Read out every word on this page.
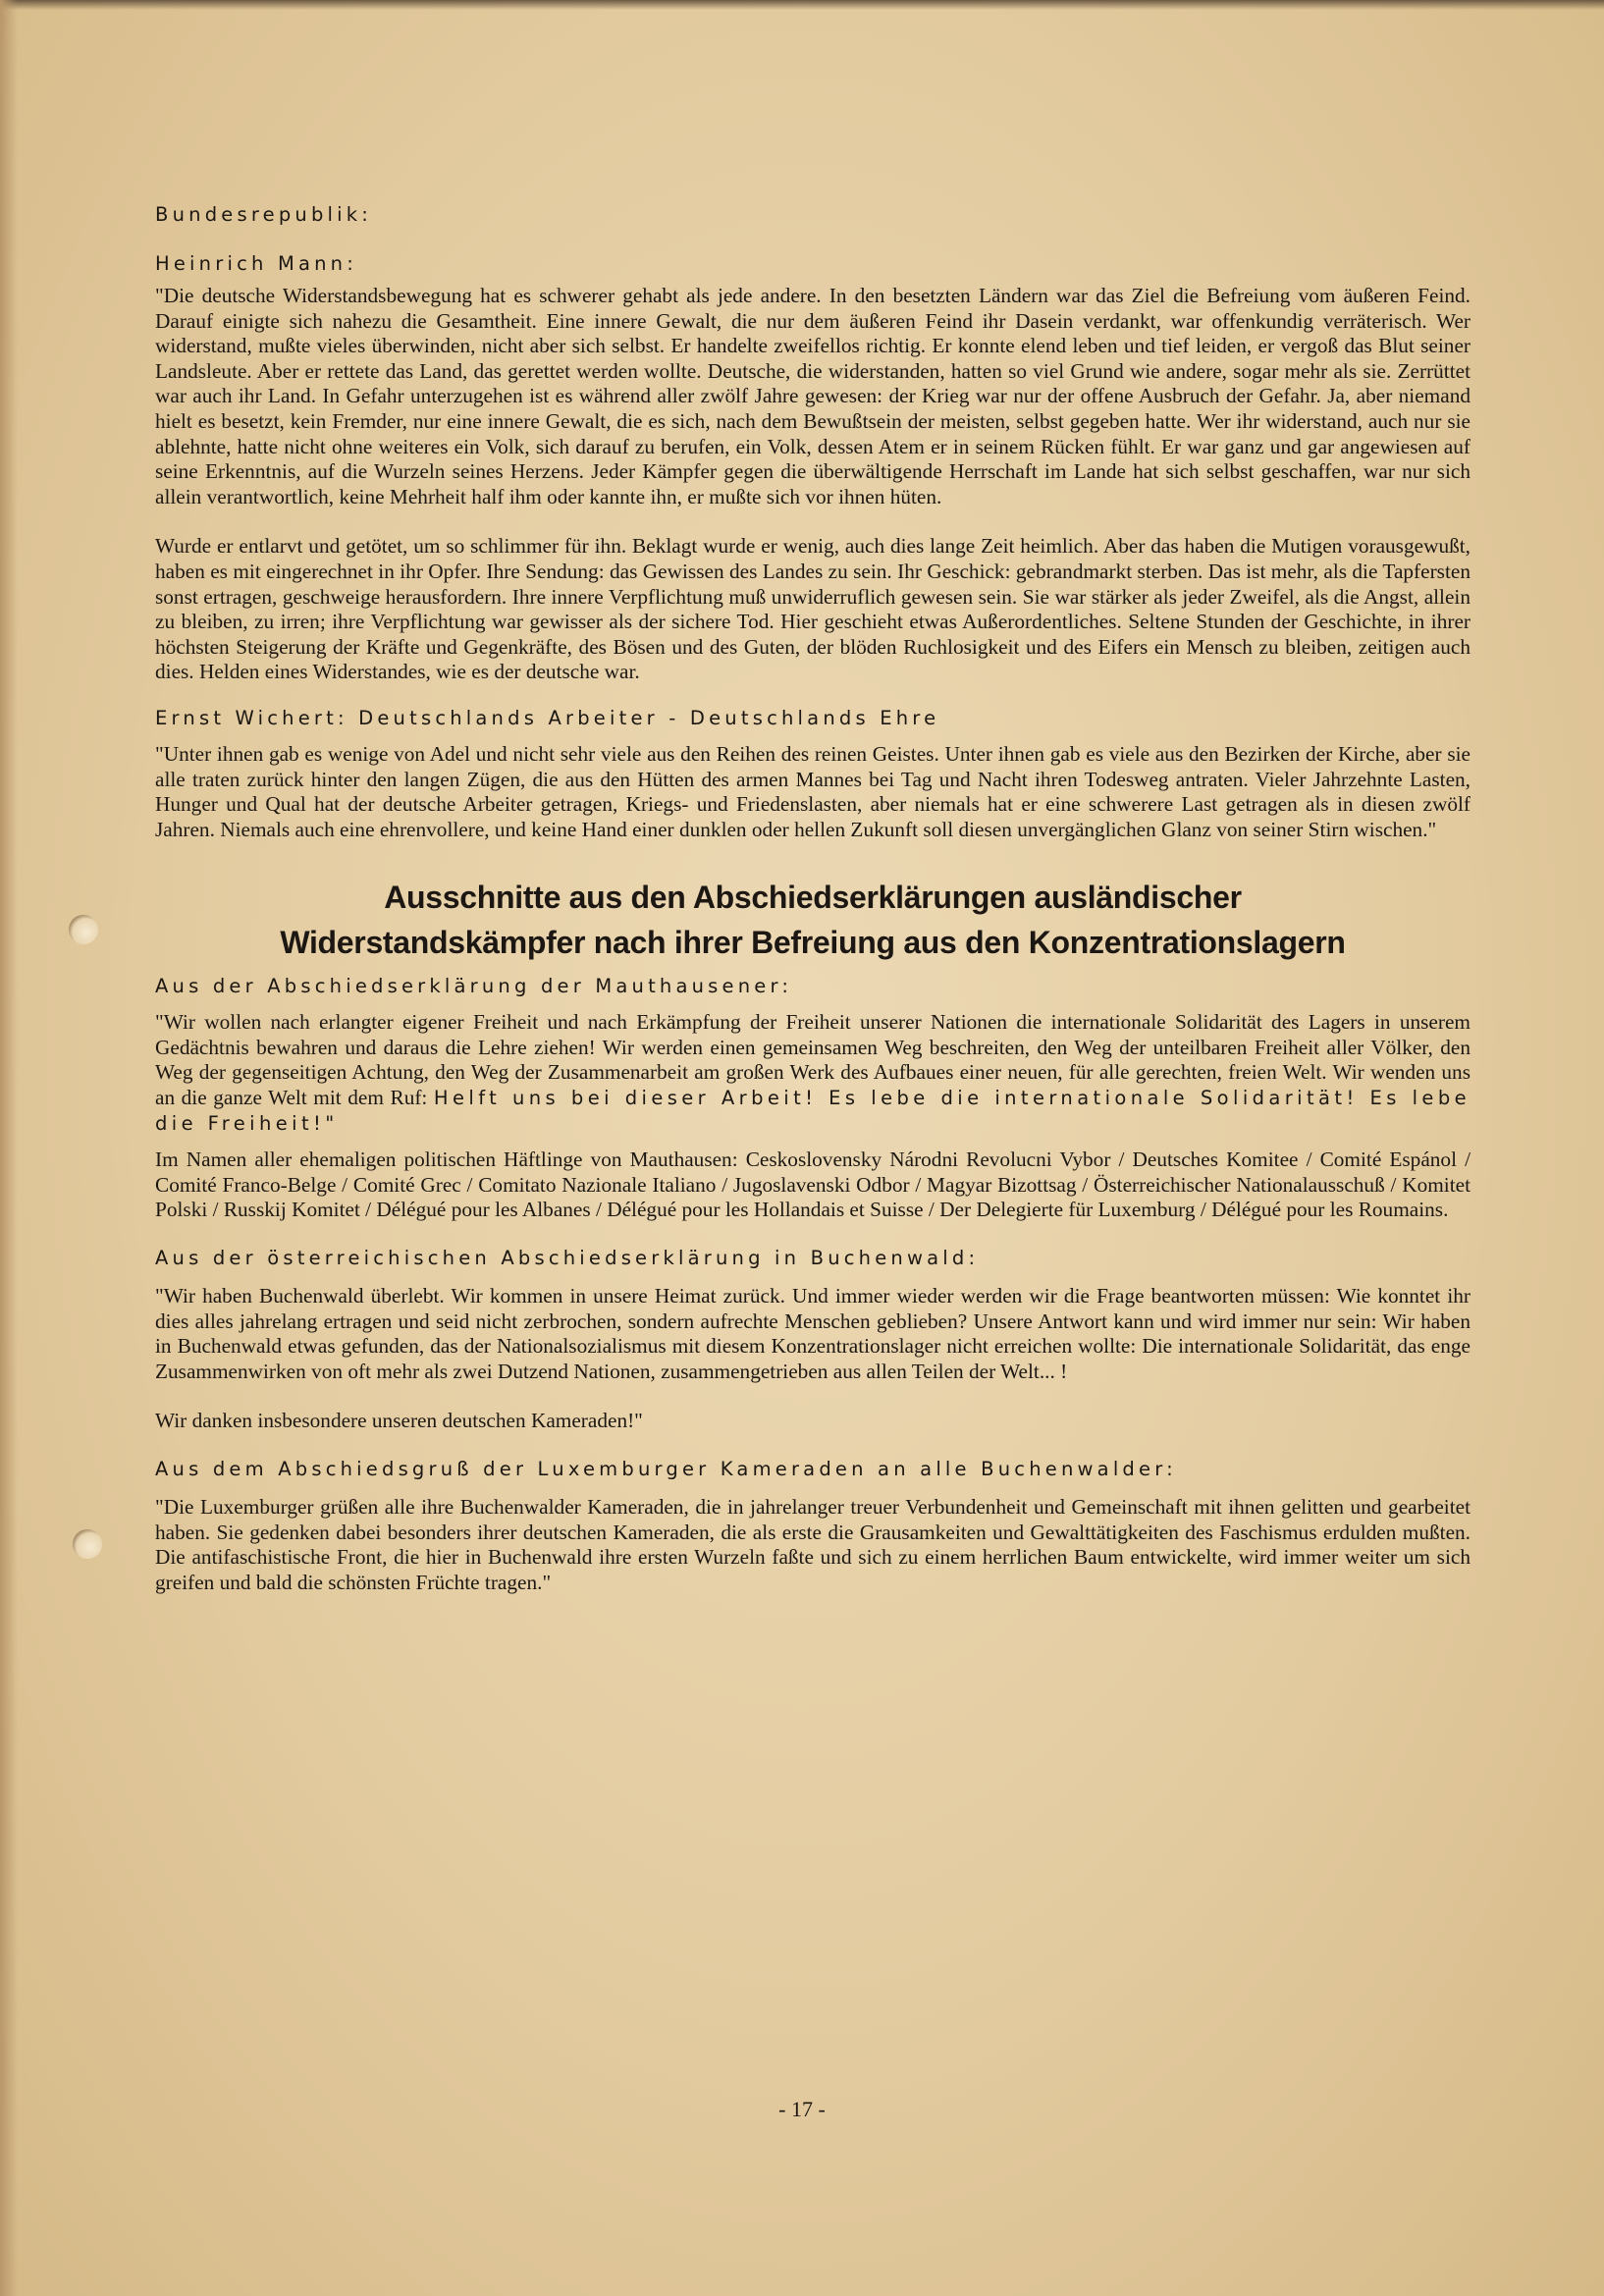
Bundesrepublik:

Heinrich Mann:

"Die deutsche Widerstandsbewegung hat es schwerer gehabt als jede andere. In den besetzten Ländern war das Ziel die Befreiung vom äußeren Feind. Darauf einigte sich nahezu die Gesamtheit. Eine innere Gewalt, die nur dem äußeren Feind ihr Dasein verdankt, war offenkundig verräterisch. Wer widerstand, mußte vieles überwinden, nicht aber sich selbst. Er handelte zweifellos richtig. Er konnte elend leben und tief leiden, er vergoß das Blut seiner Landsleute. Aber er rettete das Land, das gerettet werden wollte. Deutsche, die widerstanden, hatten so viel Grund wie andere, sogar mehr als sie. Zerrüttet war auch ihr Land. In Gefahr unterzugehen ist es während aller zwölf Jahre gewesen: der Krieg war nur der offene Ausbruch der Gefahr. Ja, aber niemand hielt es besetzt, kein Fremder, nur eine innere Gewalt, die es sich, nach dem Bewußtsein der meisten, selbst gegeben hatte. Wer ihr widerstand, auch nur sie ablehnte, hatte nicht ohne weiteres ein Volk, sich darauf zu berufen, ein Volk, dessen Atem er in seinem Rücken fühlt. Er war ganz und gar angewiesen auf seine Erkenntnis, auf die Wurzeln seines Herzens. Jeder Kämpfer gegen die überwältigende Herrschaft im Lande hat sich selbst geschaffen, war nur sich allein verantwortlich, keine Mehrheit half ihm oder kannte ihn, er mußte sich vor ihnen hüten.

Wurde er entlarvt und getötet, um so schlimmer für ihn. Beklagt wurde er wenig, auch dies lange Zeit heimlich. Aber das haben die Mutigen vorausgewußt, haben es mit eingerechnet in ihr Opfer. Ihre Sendung: das Gewissen des Landes zu sein. Ihr Geschick: gebrandmarkt sterben. Das ist mehr, als die Tapfersten sonst ertragen, geschweige herausfordern. Ihre innere Verpflichtung muß unwiderruflich gewesen sein. Sie war stärker als jeder Zweifel, als die Angst, allein zu bleiben, zu irren; ihre Verpflichtung war gewisser als der sichere Tod. Hier geschieht etwas Außerordentliches. Seltene Stunden der Geschichte, in ihrer höchsten Steigerung der Kräfte und Gegenkräfte, des Bösen und des Guten, der blöden Ruchlosigkeit und des Eifers ein Mensch zu bleiben, zeitigen auch dies. Helden eines Widerstandes, wie es der deutsche war.

Ernst Wichert: Deutschlands Arbeiter - Deutschlands Ehre

"Unter ihnen gab es wenige von Adel und nicht sehr viele aus den Reihen des reinen Geistes. Unter ihnen gab es viele aus den Bezirken der Kirche, aber sie alle traten zurück hinter den langen Zügen, die aus den Hütten des armen Mannes bei Tag und Nacht ihren Todesweg antraten. Vieler Jahrzehnte Lasten, Hunger und Qual hat der deutsche Arbeiter getragen, Kriegs- und Friedenslasten, aber niemals hat er eine schwerere Last getragen als in diesen zwölf Jahren. Niemals auch eine ehrenvollere, und keine Hand einer dunklen oder hellen Zukunft soll diesen unvergänglichen Glanz von seiner Stirn wischen."

Ausschnitte aus den Abschiedserklärungen ausländischer

Widerstandskämpfer nach ihrer Befreiung aus den Konzentrationslagern

Aus der Abschiedserklärung der Mauthausener:

"Wir wollen nach erlangter eigener Freiheit und nach Erkämpfung der Freiheit unserer Nationen die internationale Solidarität des Lagers in unserem Gedächtnis bewahren und daraus die Lehre ziehen! Wir werden einen gemeinsamen Weg beschreiten, den Weg der unteilbaren Freiheit aller Völker, den Weg der gegenseitigen Achtung, den Weg der Zusammenarbeit am großen Werk des Aufbaues einer neuen, für alle gerechten, freien Welt. Wir wenden uns an die ganze Welt mit dem Ruf: Helft uns bei dieser Arbeit! Es lebe die internationale Solidarität! Es lebe die Freiheit!"

Im Namen aller ehemaligen politischen Häftlinge von Mauthausen: Ceskoslovensky Národni Revolucni Vybor / Deutsches Komitee / Comité Espánol / Comité Franco-Belge / Comité Grec / Comitato Nazionale Italiano / Jugoslavenski Odbor / Magyar Bizottsag / Österreichischer Nationalausschuß / Komitet Polski / Russkij Komitet / Délégué pour les Albanes / Délégué pour les Hollandais et Suisse / Der Delegierte für Luxemburg / Délégué pour les Roumains.

Aus der österreichischen Abschiedserklärung in Buchenwald:

"Wir haben Buchenwald überlebt. Wir kommen in unsere Heimat zurück. Und immer wieder werden wir die Frage beantworten müssen: Wie konntet ihr dies alles jahrelang ertragen und seid nicht zerbrochen, sondern aufrechte Menschen geblieben? Unsere Antwort kann und wird immer nur sein: Wir haben in Buchenwald etwas gefunden, das der Nationalsozialismus mit diesem Konzentrationslager nicht erreichen wollte: Die internationale Solidarität, das enge Zusammenwirken von oft mehr als zwei Dutzend Nationen, zusammengetrieben aus allen Teilen der Welt... !

Wir danken insbesondere unseren deutschen Kameraden!"

Aus dem Abschiedsgruß der Luxemburger Kameraden an alle Buchenwalder:

"Die Luxemburger grüßen alle ihre Buchenwalder Kameraden, die in jahrelanger treuer Verbundenheit und Gemeinschaft mit ihnen gelitten und gearbeitet haben. Sie gedenken dabei besonders ihrer deutschen Kameraden, die als erste die Grausamkeiten und Gewalttätigkeiten des Faschismus erdulden mußten. Die antifaschistische Front, die hier in Buchenwald ihre ersten Wurzeln faßte und sich zu einem herrlichen Baum entwickelte, wird immer weiter um sich greifen und bald die schönsten Früchte tragen."

- 17 -
